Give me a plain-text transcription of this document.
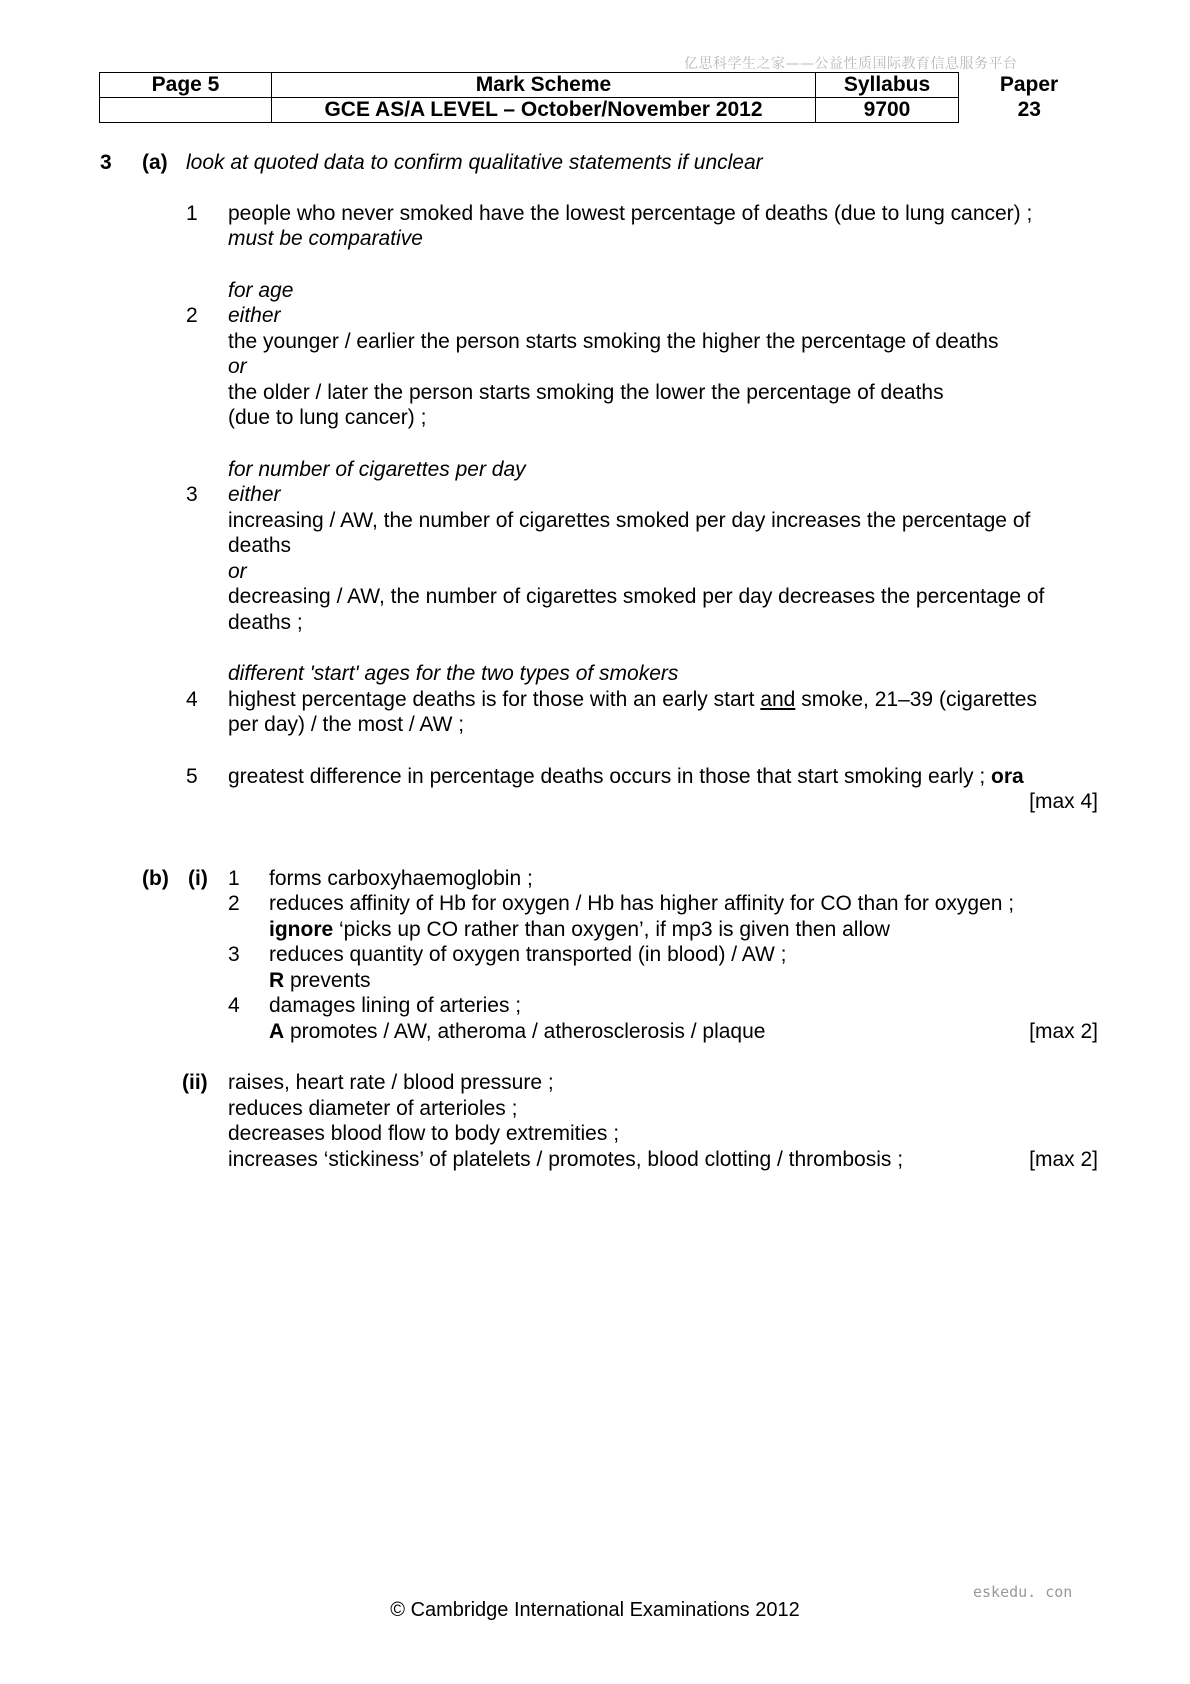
亿思科学生之家——公益性质国际教育信息服务平台
Page 5	Mark Scheme	Syllabus	Paper
	GCE AS/A LEVEL – October/November 2012	9700	23
3 (a) look at quoted data to confirm qualitative statements if unclear
1 people who never smoked have the lowest percentage of deaths (due to lung cancer) ;
must be comparative
for age
2 either
the younger / earlier the person starts smoking the higher the percentage of deaths
or
the older / later the person starts smoking the lower the percentage of deaths
(due to lung cancer) ;
for number of cigarettes per day
3 either
increasing / AW, the number of cigarettes smoked per day increases the percentage of
deaths
or
decreasing / AW, the number of cigarettes smoked per day decreases the percentage of
deaths ;
different 'start' ages for the two types of smokers
4 highest percentage deaths is for those with an early start and smoke, 21–39 (cigarettes
per day) / the most / AW ;
5 greatest difference in percentage deaths occurs in those that start smoking early ; ora
[max 4]
(b) (i) 1 forms carboxyhaemoglobin ;
2 reduces affinity of Hb for oxygen / Hb has higher affinity for CO than for oxygen ;
ignore ‘picks up CO rather than oxygen’, if mp3 is given then allow
3 reduces quantity of oxygen transported (in blood) / AW ;
R prevents
4 damages lining of arteries ;
A promotes / AW, atheroma / atherosclerosis / plaque	[max 2]
(ii) raises, heart rate / blood pressure ;
reduces diameter of arterioles ;
decreases blood flow to body extremities ;
increases ‘stickiness’ of platelets / promotes, blood clotting / thrombosis ;	[max 2]
eskedu. con
© Cambridge International Examinations 2012
